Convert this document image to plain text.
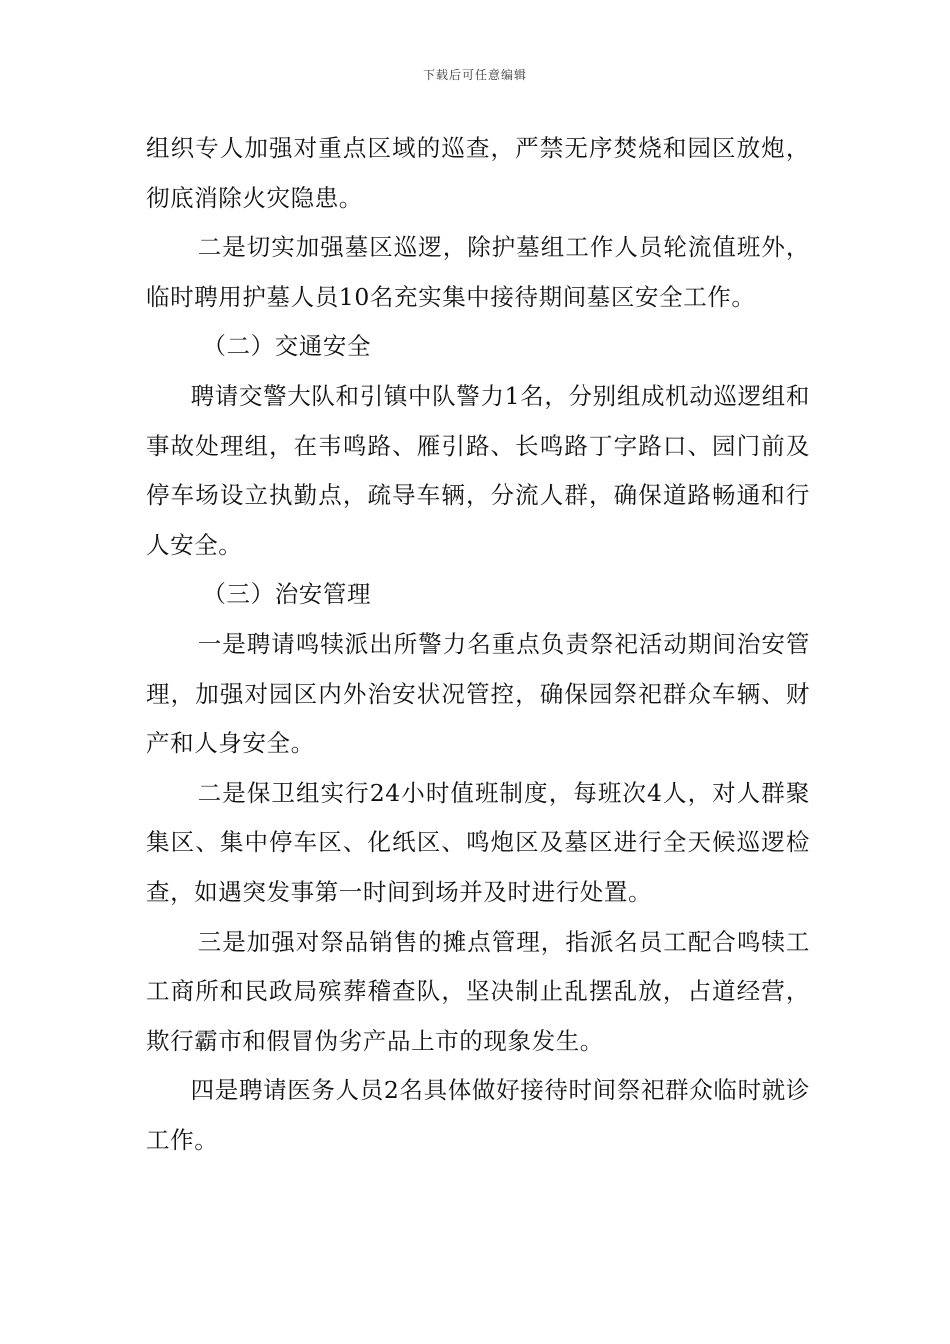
下载后可任意编辑

组织专人加强对重点区域的巡查，严禁无序焚烧和园区放炮，彻底消除火灾隐患。

二是切实加强墓区巡逻，除护墓组工作人员轮流值班外，临时聘用护墓人员10名充实集中接待期间墓区安全工作。

（二）交通安全

聘请交警大队和引镇中队警力1名，分别组成机动巡逻组和事故处理组，在韦鸣路、雁引路、长鸣路丁字路口、园门前及停车场设立执勤点，疏导车辆，分流人群，确保道路畅通和行人安全。

（三）治安管理

一是聘请鸣犊派出所警力名重点负责祭祀活动期间治安管理，加强对园区内外治安状况管控，确保园祭祀群众车辆、财产和人身安全。

二是保卫组实行24小时值班制度，每班次4人，对人群聚集区、集中停车区、化纸区、鸣炮区及墓区进行全天候巡逻检查，如遇突发事第一时间到场并及时进行处置。

三是加强对祭品销售的摊点管理，指派名员工配合鸣犊工工商所和民政局殡葬稽查队，坚决制止乱摆乱放，占道经营，欺行霸市和假冒伪劣产品上市的现象发生。

四是聘请医务人员2名具体做好接待时间祭祀群众临时就诊工作。
